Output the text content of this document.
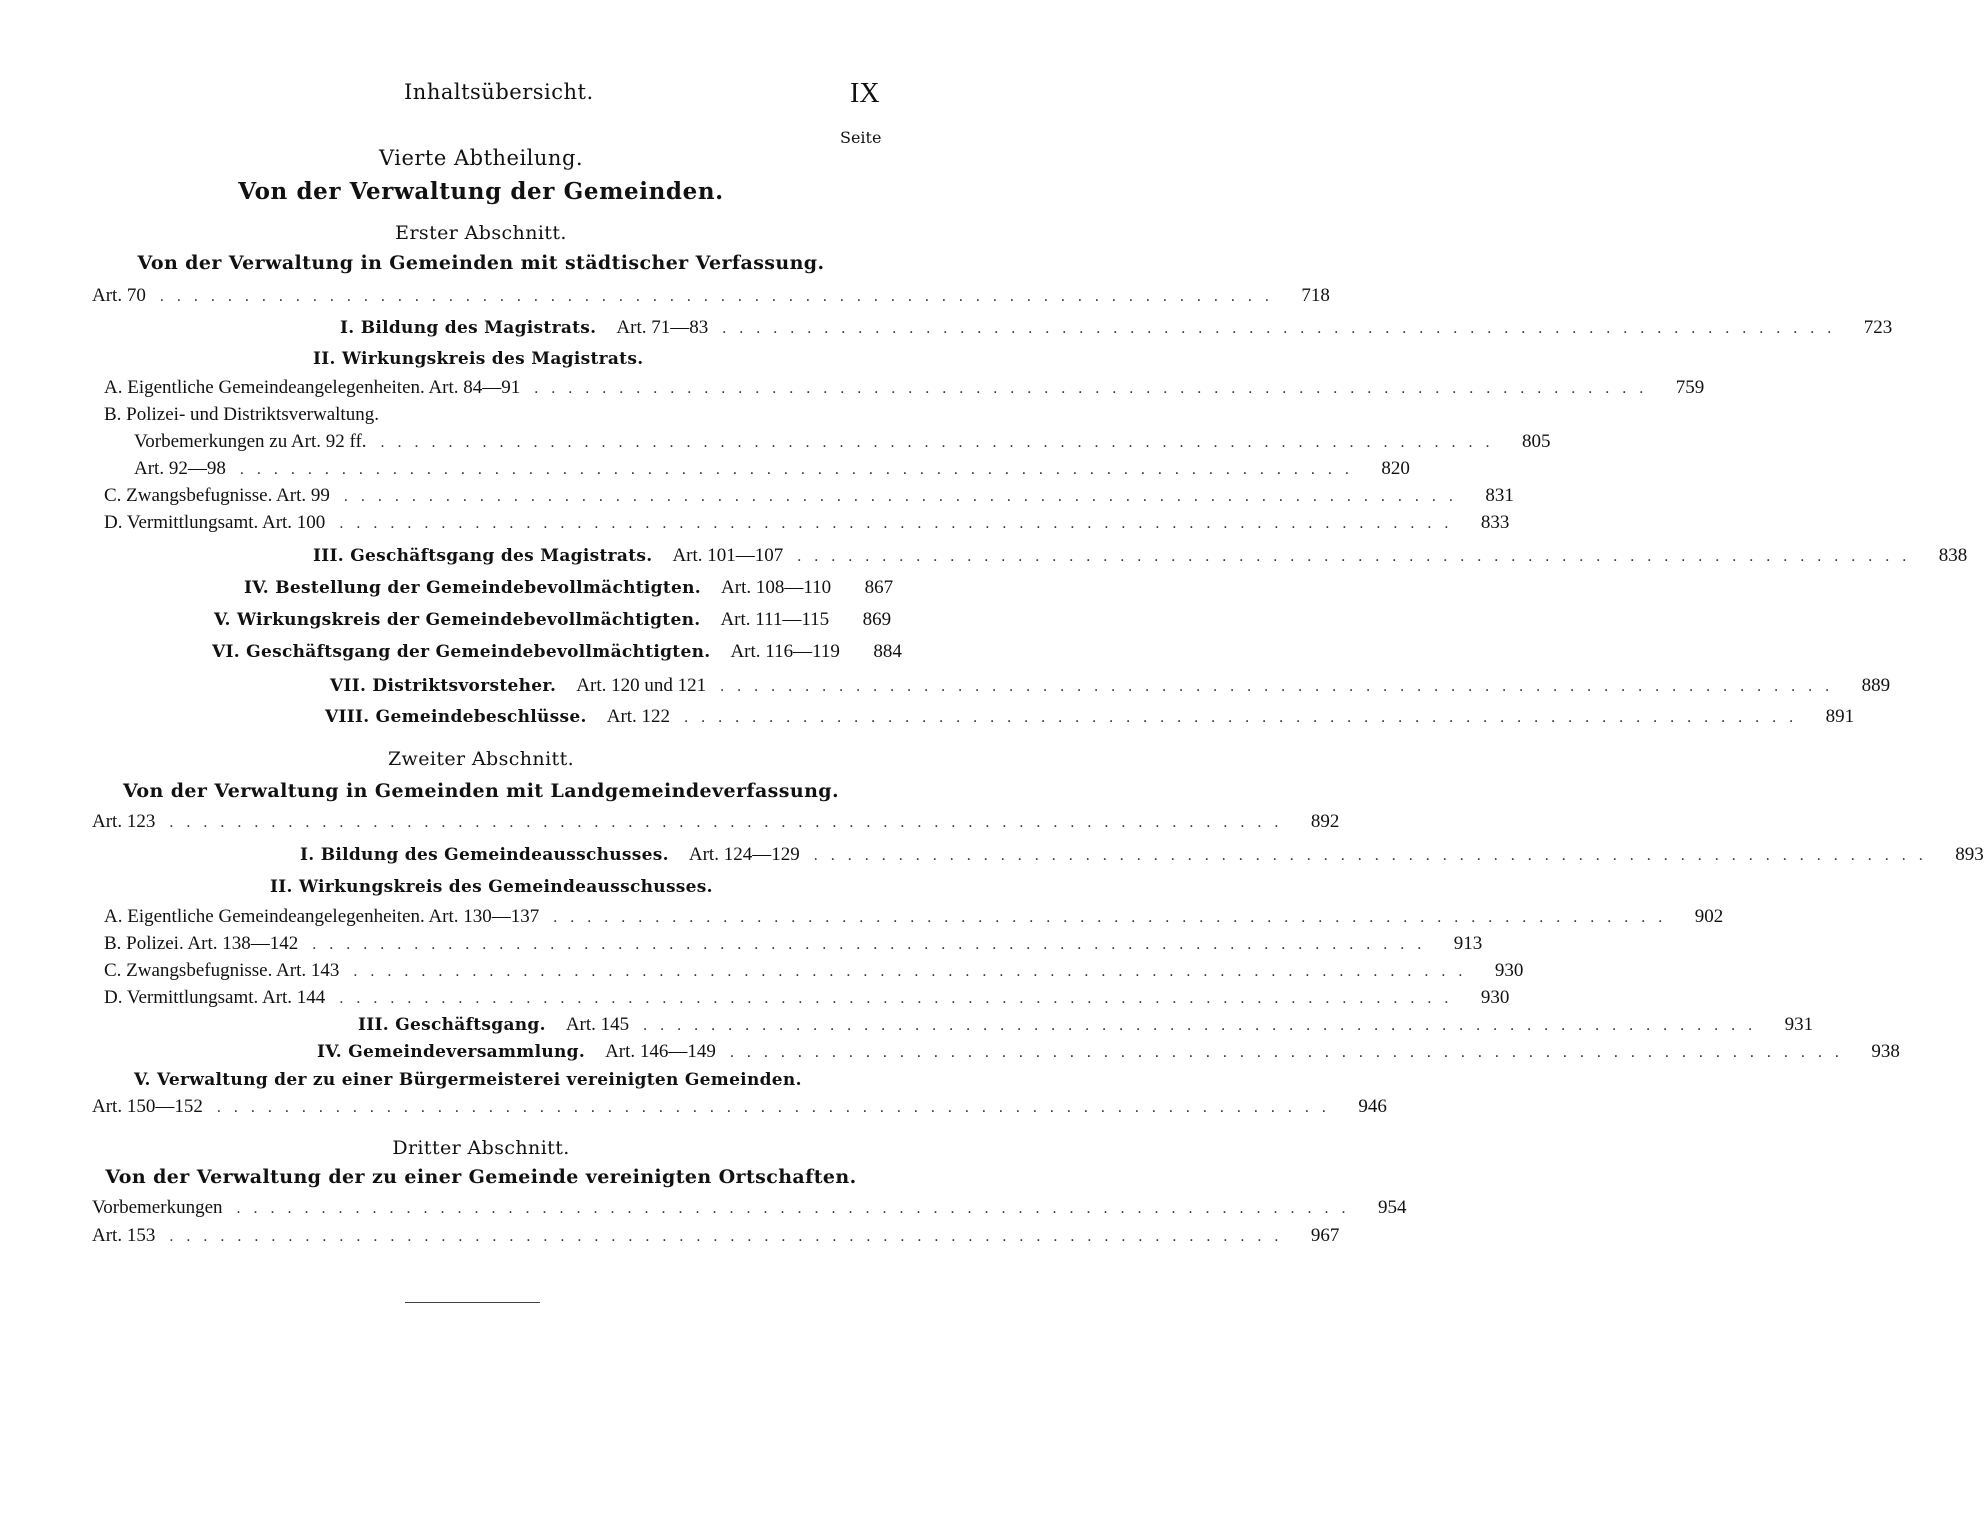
Inhaltsübersicht.	IX
Seite
Vierte Abtheilung.
Von der Verwaltung der Gemeinden.
Erster Abschnitt.
Von der Verwaltung in Gemeinden mit städtischer Verfassung.
Art. 70 ..................................................................	718
I. Bildung des Magistrats. Art. 71—83 ..................................................................	723
II. Wirkungskreis des Magistrats.
A. Eigentliche Gemeindeangelegenheiten. Art. 84—91 ..................................................................	759
B. Polizei- und Distriktsverwaltung.
Vorbemerkungen zu Art. 92 ff. ..................................................................	805
Art. 92—98 ..................................................................	820
C. Zwangsbefugnisse. Art. 99 ..................................................................	831
D. Vermittlungsamt. Art. 100 ..................................................................	833
III. Geschäftsgang des Magistrats. Art. 101—107 ..................................................................	838
IV. Bestellung der Gemeindebevollmächtigten. Art. 108—110	867
V. Wirkungskreis der Gemeindebevollmächtigten. Art. 111—115	869
VI. Geschäftsgang der Gemeindebevollmächtigten. Art. 116—119	884
VII. Distriktsvorsteher. Art. 120 und 121 ..................................................................	889
VIII. Gemeindebeschlüsse. Art. 122 ..................................................................	891
Zweiter Abschnitt.
Von der Verwaltung in Gemeinden mit Landgemeindeverfassung.
Art. 123 ..................................................................	892
I. Bildung des Gemeindeausschusses. Art. 124—129 ..................................................................	893
II. Wirkungskreis des Gemeindeausschusses.
A. Eigentliche Gemeindeangelegenheiten. Art. 130—137 ..................................................................	902
B. Polizei. Art. 138—142 ..................................................................	913
C. Zwangsbefugnisse. Art. 143 ..................................................................	930
D. Vermittlungsamt. Art. 144 ..................................................................	930
III. Geschäftsgang. Art. 145 ..................................................................	931
IV. Gemeindeversammlung. Art. 146—149 ..................................................................	938
V. Verwaltung der zu einer Bürgermeisterei vereinigten Gemeinden.
Art. 150—152 ..................................................................	946
Dritter Abschnitt.
Von der Verwaltung der zu einer Gemeinde vereinigten Ortschaften.
Vorbemerkungen ..................................................................	954
Art. 153 ..................................................................	967
